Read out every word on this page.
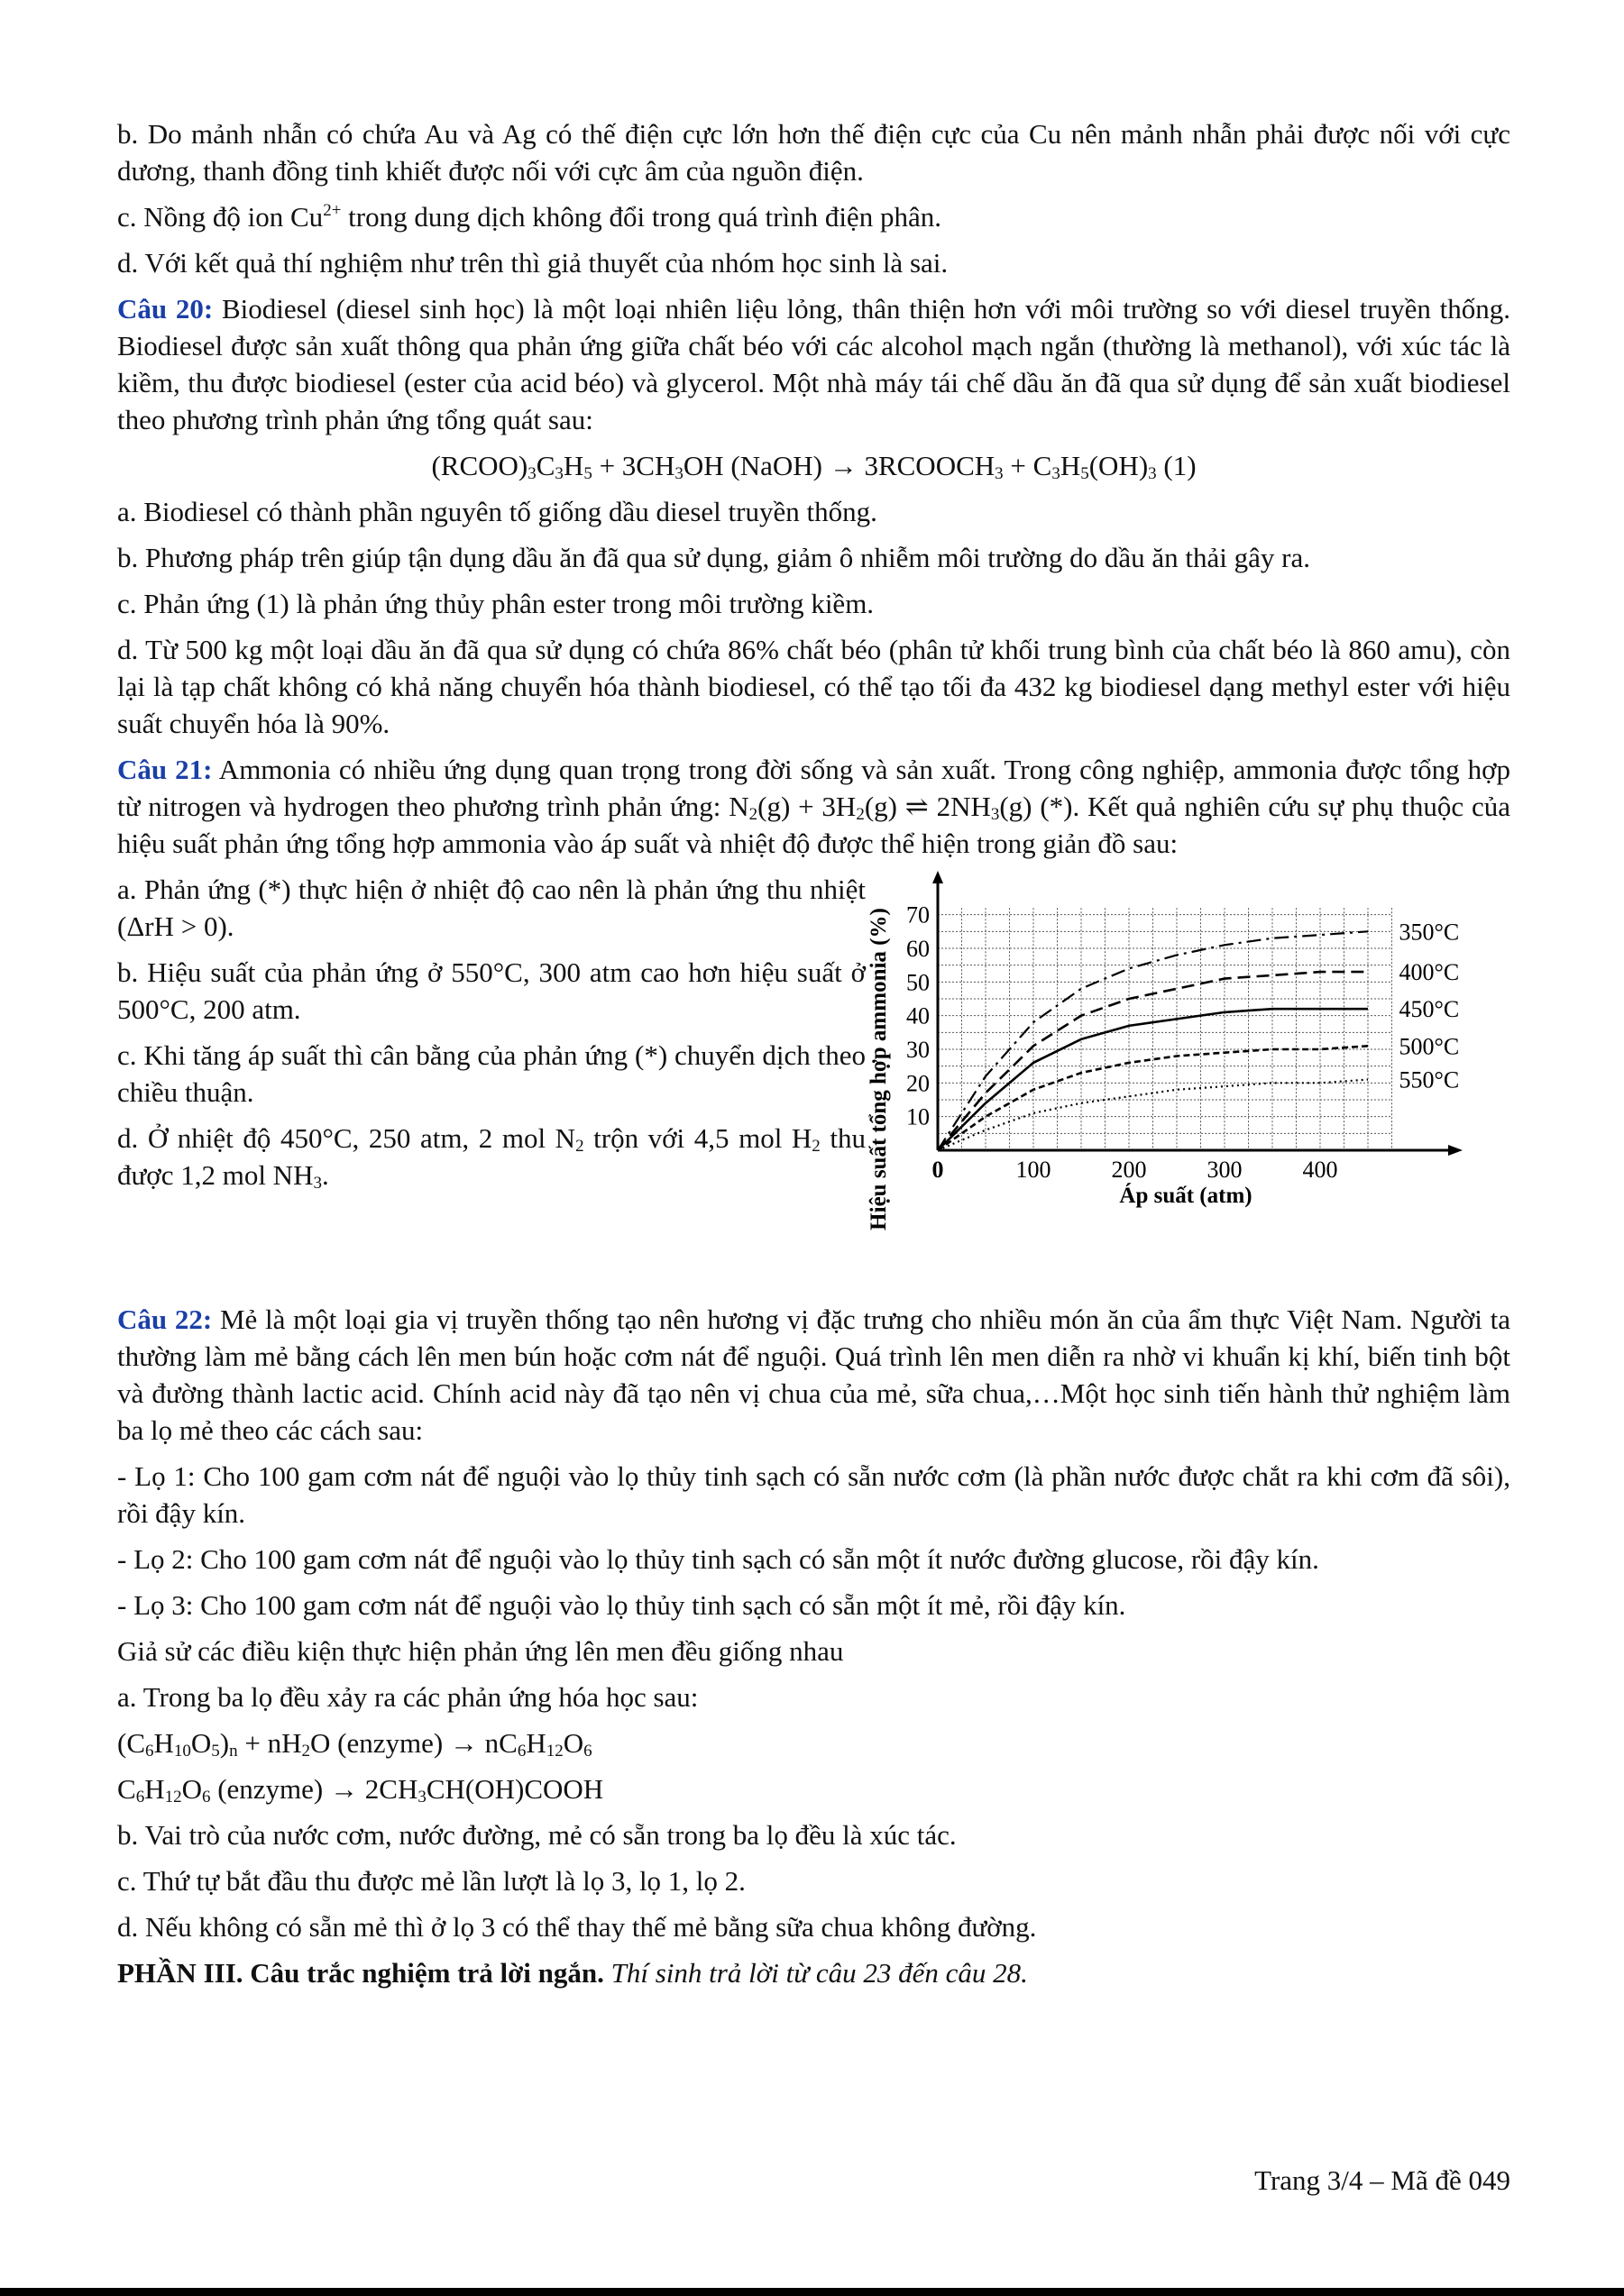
b. Do mảnh nhẫn có chứa Au và Ag có thế điện cực lớn hơn thế điện cực của Cu nên mảnh nhẫn phải được nối với cực dương, thanh đồng tinh khiết được nối với cực âm của nguồn điện.

c. Nồng độ ion $Cu^{2+}$ trong dung dịch không đổi trong quá trình điện phân.

d. Với kết quả thí nghiệm như trên thì giả thuyết của nhóm học sinh là sai.

Câu 20: Biodiesel (diesel sinh học) là một loại nhiên liệu lỏng, thân thiện hơn với môi trường so với diesel truyền thống. Biodiesel được sản xuất thông qua phản ứng giữa chất béo với các alcohol mạch ngắn (thường là methanol), với xúc tác là kiềm, thu được biodiesel (ester của acid béo) và glycerol. Một nhà máy tái chế dầu ăn đã qua sử dụng để sản xuất biodiesel theo phương trình phản ứng tổng quát sau:

$(RCOO)_3C_3H_5 + 3CH_3OH$ (NaOH) → $3RCOOCH_3 + C_3H_5(OH)_3$ (1)

a. Biodiesel có thành phần nguyên tố giống dầu diesel truyền thống.

b. Phương pháp trên giúp tận dụng dầu ăn đã qua sử dụng, giảm ô nhiễm môi trường do dầu ăn thải gây ra.

c. Phản ứng (1) là phản ứng thủy phân ester trong môi trường kiềm.

d. Từ 500 kg một loại dầu ăn đã qua sử dụng có chứa 86% chất béo (phân tử khối trung bình của chất béo là 860 amu), còn lại là tạp chất không có khả năng chuyển hóa thành biodiesel, có thể tạo tối đa 432 kg biodiesel dạng methyl ester với hiệu suất chuyển hóa là 90%.

Câu 21: Ammonia có nhiều ứng dụng quan trọng trong đời sống và sản xuất. Trong công nghiệp, ammonia được tổng hợp từ nitrogen và hydrogen theo phương trình phản ứng: $N_2(g) + 3H_2(g)$ ⇌ $2NH_3(g)$ (*). Kết quả nghiên cứu sự phụ thuộc của hiệu suất phản ứng tổng hợp ammonia vào áp suất và nhiệt độ được thể hiện trong giản đồ sau:

a. Phản ứng (*) thực hiện ở nhiệt độ cao nên là phản ứng thu nhiệt (ΔrH > 0).

b. Hiệu suất của phản ứng ở 550°C, 300 atm cao hơn hiệu suất ở 500°C, 200 atm.

c. Khi tăng áp suất thì cân bằng của phản ứng (*) chuyển dịch theo chiều thuận.

d. Ở nhiệt độ 450°C, 250 atm, 2 mol $N_2$ trộn với 4,5 mol $H_2$ thu được 1,2 mol $NH_3$.

10
20
30
40
50
60
70
0	100	200	300	400
Áp suất (atm)
Hiệu suất tổng hợp ammonia (%)	350°C
400°C
450°C
500°C
550°C

Câu 22: Mẻ là một loại gia vị truyền thống tạo nên hương vị đặc trưng cho nhiều món ăn của ẩm thực Việt Nam. Người ta thường làm mẻ bằng cách lên men bún hoặc cơm nát để nguội. Quá trình lên men diễn ra nhờ vi khuẩn kị khí, biến tinh bột và đường thành lactic acid. Chính acid này đã tạo nên vị chua của mẻ, sữa chua,…Một học sinh tiến hành thử nghiệm làm ba lọ mẻ theo các cách sau:

- Lọ 1: Cho 100 gam cơm nát để nguội vào lọ thủy tinh sạch có sẵn nước cơm (là phần nước được chắt ra khi cơm đã sôi), rồi đậy kín.

- Lọ 2: Cho 100 gam cơm nát để nguội vào lọ thủy tinh sạch có sẵn một ít nước đường glucose, rồi đậy kín.

- Lọ 3: Cho 100 gam cơm nát để nguội vào lọ thủy tinh sạch có sẵn một ít mẻ, rồi đậy kín.

Giả sử các điều kiện thực hiện phản ứng lên men đều giống nhau

a. Trong ba lọ đều xảy ra các phản ứng hóa học sau:

$(C_6H_{10}O_5)_n + nH_2O$ (enzyme) → $nC_6H_{12}O_6$

$C_6H_{12}O_6$ (enzyme) → $2CH_3CH(OH)COOH$

b. Vai trò của nước cơm, nước đường, mẻ có sẵn trong ba lọ đều là xúc tác.

c. Thứ tự bắt đầu thu được mẻ lần lượt là lọ 3, lọ 1, lọ 2.

d. Nếu không có sẵn mẻ thì ở lọ 3 có thể thay thế mẻ bằng sữa chua không đường.

PHẦN III. Câu trắc nghiệm trả lời ngắn. Thí sinh trả lời từ câu 23 đến câu 28.

Trang 3/4 – Mã đề 049
